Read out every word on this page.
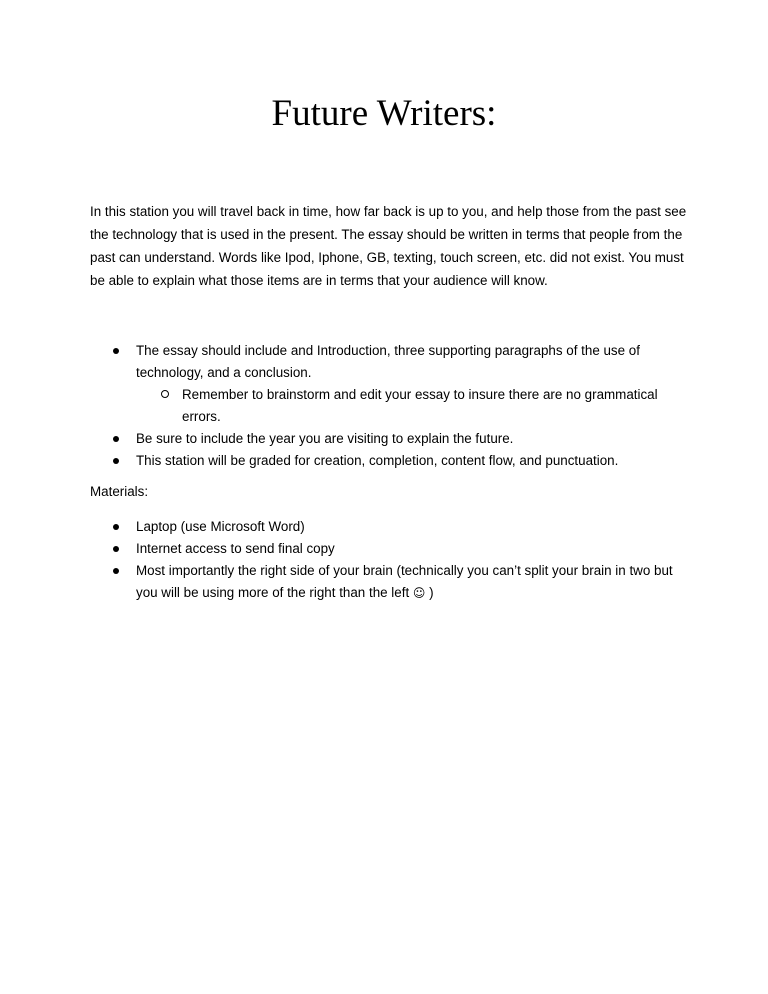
Future Writers:

In this station you will travel back in time, how far back is up to you, and help those from the past see the technology that is used in the present. The essay should be written in terms that people from the past can understand. Words like Ipod, Iphone, GB, texting, touch screen, etc. did not exist. You must be able to explain what those items are in terms that your audience will know.

The essay should include and Introduction, three supporting paragraphs of the use of technology, and a conclusion.
Remember to brainstorm and edit your essay to insure there are no grammatical errors.
Be sure to include the year you are visiting to explain the future.
This station will be graded for creation, completion, content flow, and punctuation.

Materials:

Laptop (use Microsoft Word)
Internet access to send final copy
Most importantly the right side of your brain (technically you can’t split your brain in two but you will be using more of the right than the left ☺ )
